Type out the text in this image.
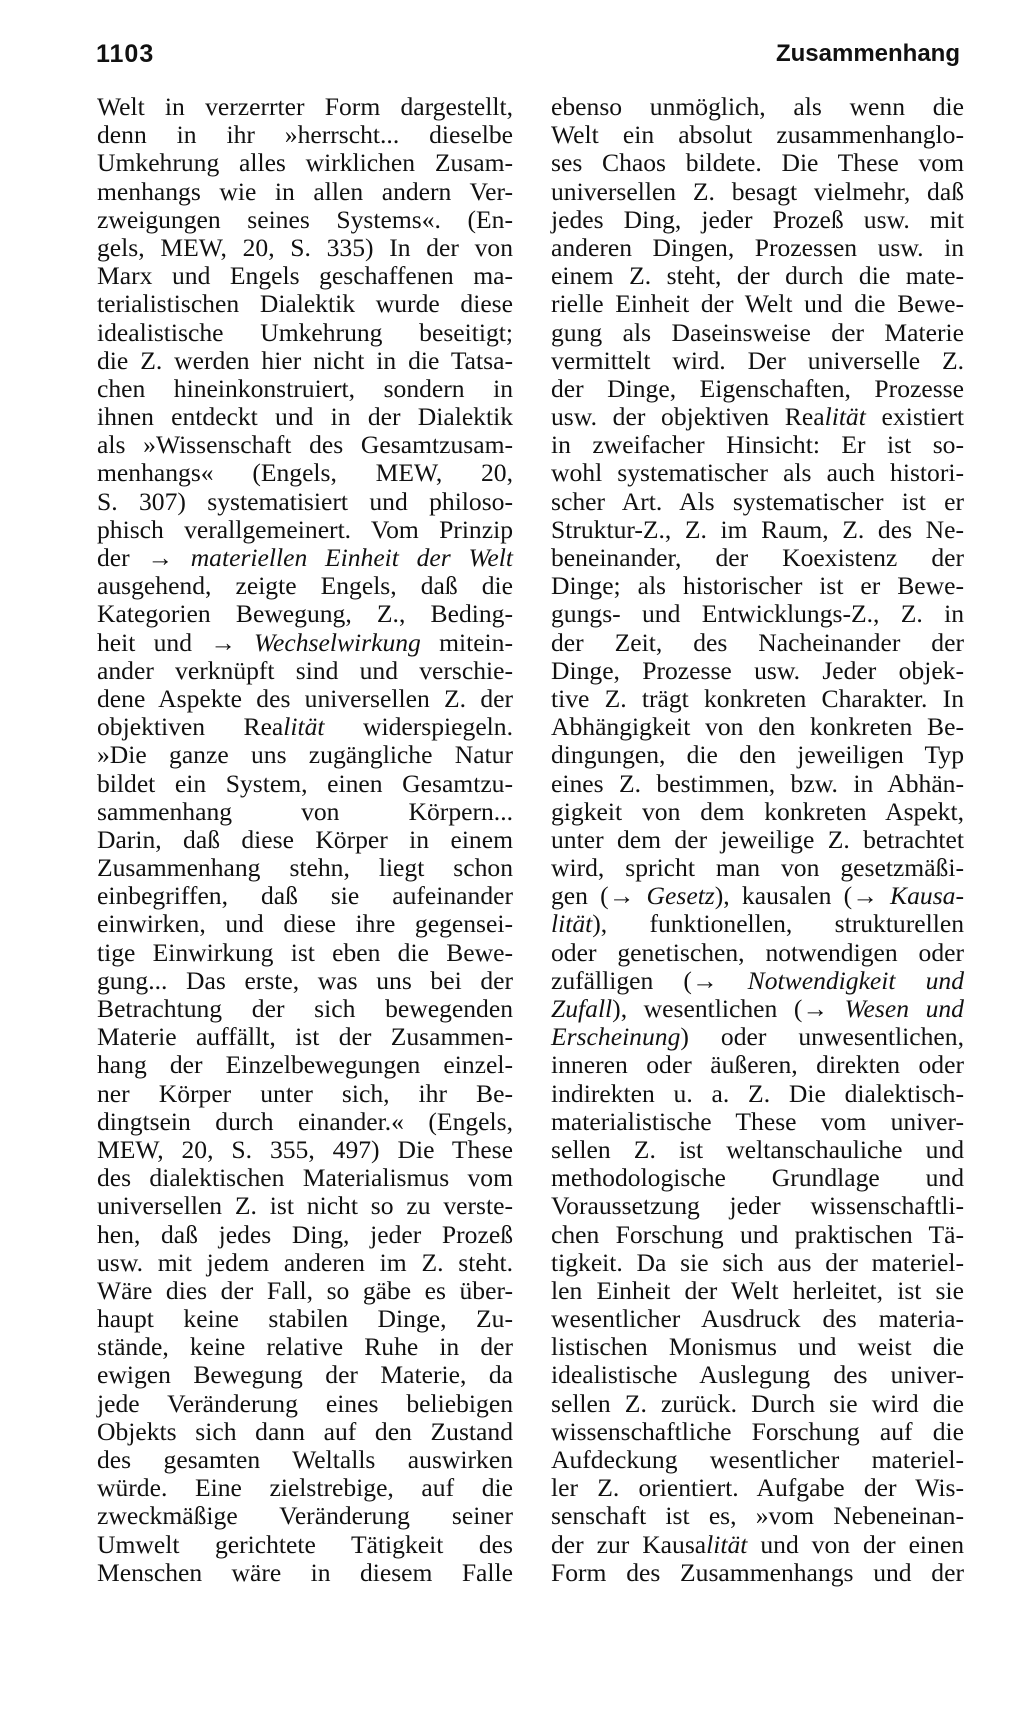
1103	Zusammenhang
Welt in verzerrter Form dargestellt,
denn in ihr »herrscht... dieselbe
Umkehrung alles wirklichen Zusam-
menhangs wie in allen andern Ver-
zweigungen seines Systems«. (En-
gels, MEW, 20, S. 335) In der von
Marx und Engels geschaffenen ma-
terialistischen Dialektik wurde diese
idealistische Umkehrung beseitigt;
die Z. werden hier nicht in die Tatsa-
chen hineinkonstruiert, sondern in
ihnen entdeckt und in der Dialektik
als »Wissenschaft des Gesamtzusam-
menhangs« (Engels, MEW, 20,
S. 307) systematisiert und philoso-
phisch verallgemeinert. Vom Prinzip
der → materiellen Einheit der Welt
ausgehend, zeigte Engels, daß die
Kategorien Bewegung, Z., Beding-
heit und → Wechselwirkung mitein-
ander verknüpft sind und verschie-
dene Aspekte des universellen Z. der
objektiven Realität widerspiegeln.
»Die ganze uns zugängliche Natur
bildet ein System, einen Gesamtzu-
sammenhang von Körpern...
Darin, daß diese Körper in einem
Zusammenhang stehn, liegt schon
einbegriffen, daß sie aufeinander
einwirken, und diese ihre gegensei-
tige Einwirkung ist eben die Bewe-
gung... Das erste, was uns bei der
Betrachtung der sich bewegenden
Materie auffällt, ist der Zusammen-
hang der Einzelbewegungen einzel-
ner Körper unter sich, ihr Be-
dingtsein durch einander.« (Engels,
MEW, 20, S. 355, 497) Die These
des dialektischen Materialismus vom
universellen Z. ist nicht so zu verste-
hen, daß jedes Ding, jeder Prozeß
usw. mit jedem anderen im Z. steht.
Wäre dies der Fall, so gäbe es über-
haupt keine stabilen Dinge, Zu-
stände, keine relative Ruhe in der
ewigen Bewegung der Materie, da
jede Veränderung eines beliebigen
Objekts sich dann auf den Zustand
des gesamten Weltalls auswirken
würde. Eine zielstrebige, auf die
zweckmäßige Veränderung seiner
Umwelt gerichtete Tätigkeit des
Menschen wäre in diesem Falle
ebenso unmöglich, als wenn die
Welt ein absolut zusammenhanglo-
ses Chaos bildete. Die These vom
universellen Z. besagt vielmehr, daß
jedes Ding, jeder Prozeß usw. mit
anderen Dingen, Prozessen usw. in
einem Z. steht, der durch die mate-
rielle Einheit der Welt und die Bewe-
gung als Daseinsweise der Materie
vermittelt wird. Der universelle Z.
der Dinge, Eigenschaften, Prozesse
usw. der objektiven Realität existiert
in zweifacher Hinsicht: Er ist so-
wohl systematischer als auch histori-
scher Art. Als systematischer ist er
Struktur-Z., Z. im Raum, Z. des Ne-
beneinander, der Koexistenz der
Dinge; als historischer ist er Bewe-
gungs- und Entwicklungs-Z., Z. in
der Zeit, des Nacheinander der
Dinge, Prozesse usw. Jeder objek-
tive Z. trägt konkreten Charakter. In
Abhängigkeit von den konkreten Be-
dingungen, die den jeweiligen Typ
eines Z. bestimmen, bzw. in Abhän-
gigkeit von dem konkreten Aspekt,
unter dem der jeweilige Z. betrachtet
wird, spricht man von gesetzmäßi-
gen (→ Gesetz), kausalen (→ Kausa-
lität), funktionellen, strukturellen
oder genetischen, notwendigen oder
zufälligen (→ Notwendigkeit und
Zufall), wesentlichen (→ Wesen und
Erscheinung) oder unwesentlichen,
inneren oder äußeren, direkten oder
indirekten u. a. Z. Die dialektisch-
materialistische These vom univer-
sellen Z. ist weltanschauliche und
methodologische Grundlage und
Voraussetzung jeder wissenschaftli-
chen Forschung und praktischen Tä-
tigkeit. Da sie sich aus der materiel-
len Einheit der Welt herleitet, ist sie
wesentlicher Ausdruck des materia-
listischen Monismus und weist die
idealistische Auslegung des univer-
sellen Z. zurück. Durch sie wird die
wissenschaftliche Forschung auf die
Aufdeckung wesentlicher materiel-
ler Z. orientiert. Aufgabe der Wis-
senschaft ist es, »vom Nebeneinan-
der zur Kausalität und von der einen
Form des Zusammenhangs und der
